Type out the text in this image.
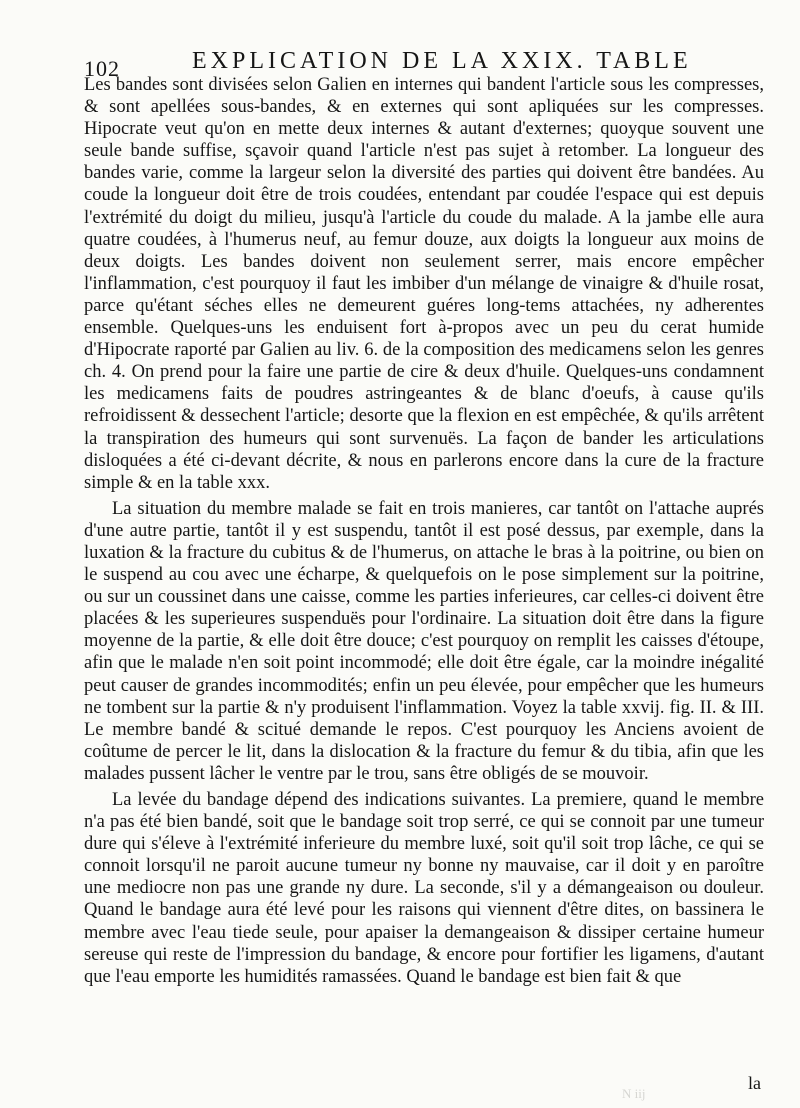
102	EXPLICATION DE LA XXIX. TABLE

Les bandes sont divisées selon Galien en internes qui bandent l'article sous les compresses, & sont apellées sous-bandes, & en externes qui sont apliquées sur les compresses. Hipocrate veut qu'on en mette deux internes & autant d'externes; quoyque souvent une seule bande suffise, sçavoir quand l'article n'est pas sujet à retomber. La longueur des bandes varie, comme la largeur selon la diversité des parties qui doivent être bandées. Au coude la longueur doit être de trois coudées, entendant par coudée l'espace qui est depuis l'extrémité du doigt du milieu, jusqu'à l'article du coude du malade. A la jambe elle aura quatre coudées, à l'humerus neuf, au femur douze, aux doigts la longueur aux moins de deux doigts. Les bandes doivent non seulement serrer, mais encore empêcher l'inflammation, c'est pourquoy il faut les imbiber d'un mélange de vinaigre & d'huile rosat, parce qu'étant séches elles ne demeurent guéres long-tems attachées, ny adherentes ensemble. Quelques-uns les enduisent fort à-propos avec un peu du cerat humide d'Hipocrate raporté par Galien au liv. 6. de la composition des medicamens selon les genres ch. 4. On prend pour la faire une partie de cire & deux d'huile. Quelques-uns condamnent les medicamens faits de poudres astringeantes & de blanc d'oeufs, à cause qu'ils refroidissent & dessechent l'article; desorte que la flexion en est empêchée, & qu'ils arrêtent la transpiration des humeurs qui sont survenuës. La façon de bander les articulations disloquées a été ci-devant décrite, & nous en parlerons encore dans la cure de la fracture simple & en la table xxx.

La situation du membre malade se fait en trois manieres, car tantôt on l'attache auprés d'une autre partie, tantôt il y est suspendu, tantôt il est posé dessus, par exemple, dans la luxation & la fracture du cubitus & de l'humerus, on attache le bras à la poitrine, ou bien on le suspend au cou avec une écharpe, & quelquefois on le pose simplement sur la poitrine, ou sur un coussinet dans une caisse, comme les parties inferieures, car celles-ci doivent être placées & les superieures suspenduës pour l'ordinaire. La situation doit être dans la figure moyenne de la partie, & elle doit être douce; c'est pourquoy on remplit les caisses d'étoupe, afin que le malade n'en soit point incommodé; elle doit être égale, car la moindre inégalité peut causer de grandes incommodités; enfin un peu élevée, pour empêcher que les humeurs ne tombent sur la partie & n'y produisent l'inflammation. Voyez la table xxvij. fig. II. & III. Le membre bandé & scitué demande le repos. C'est pourquoy les Anciens avoient de coûtume de percer le lit, dans la dislocation & la fracture du femur & du tibia, afin que les malades pussent lâcher le ventre par le trou, sans être obligés de se mouvoir.

La levée du bandage dépend des indications suivantes. La premiere, quand le membre n'a pas été bien bandé, soit que le bandage soit trop serré, ce qui se connoit par une tumeur dure qui s'éleve à l'extrémité inferieure du membre luxé, soit qu'il soit trop lâche, ce qui se connoit lorsqu'il ne paroit aucune tumeur ny bonne ny mauvaise, car il doit y en paroître une mediocre non pas une grande ny dure. La seconde, s'il y a démangeaison ou douleur. Quand le bandage aura été levé pour les raisons qui viennent d'être dites, on bassinera le membre avec l'eau tiede seule, pour apaiser la demangeaison & dissiper certaine humeur sereuse qui reste de l'impression du bandage, & encore pour fortifier les ligamens, d'autant que l'eau emporte les humidités ramassées. Quand le bandage est bien fait & que

N iij
la
